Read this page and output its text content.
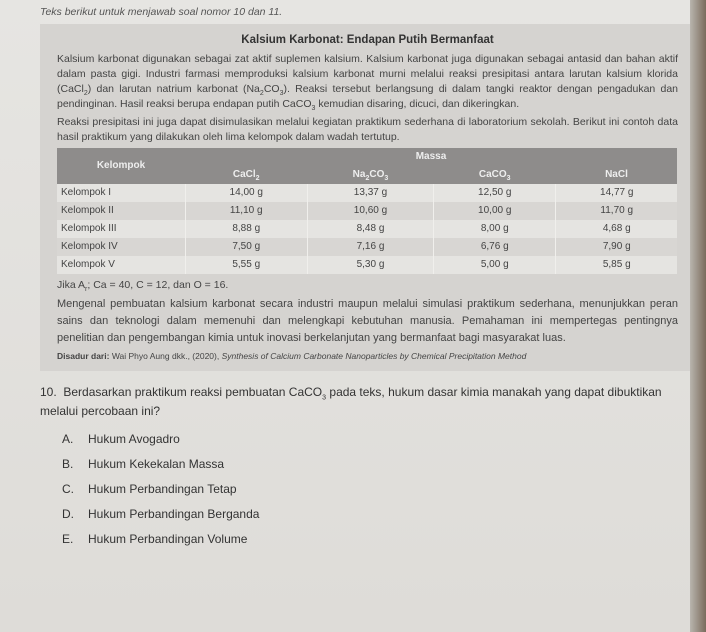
Teks berikut untuk menjawab soal nomor 10 dan 11.
Kalsium Karbonat: Endapan Putih Bermanfaat
Kalsium karbonat digunakan sebagai zat aktif suplemen kalsium. Kalsium karbonat juga digunakan sebagai antasid dan bahan aktif dalam pasta gigi. Industri farmasi memproduksi kalsium karbonat murni melalui reaksi presipitasi antara larutan kalsium klorida (CaCl$_2$) dan larutan natrium karbonat $(Na_2CO_3)$. Reaksi tersebut berlangsung di dalam tangki reaktor dengan pengadukan dan pendinginan. Hasil reaksi berupa endapan putih CaCO$_3$ kemudian disaring, dicuci, dan dikeringkan.
Reaksi presipitasi ini juga dapat disimulasikan melalui kegiatan praktikum sederhana di laboratorium sekolah. Berikut ini contoh data hasil praktikum yang dilakukan oleh lima kelompok dalam wadah tertutup.
Kelompok	Massa			
	CaCl$_2$	$Na_2CO_3$	CaCO$_3$	NaCl
Kelompok I	14,00 g	13,37 g	12,50 g	14,77 g
Kelompok II	11,10 g	10,60 g	10,00 g	11,70 g
Kelompok III	8,88 g	8,48 g	8,00 g	4,68 g
Kelompok IV	7,50 g	7,16 g	6,76 g	7,90 g
Kelompok V	5,55 g	5,30 g	5,00 g	5,85 g
Jika $A_r$; Ca = 40, C = 12, dan O = 16.
Mengenal pembuatan kalsium karbonat secara industri maupun melalui simulasi praktikum sederhana, menunjukkan peran sains dan teknologi dalam memenuhi dan melengkapi kebutuhan manusia. Pemahaman ini mempertegas pentingnya penelitian dan pengembangan kimia untuk inovasi berkelanjutan yang bermanfaat bagi masyarakat luas.
Disadur dari: Wai Phyo Aung dkk., (2020), Synthesis of Calcium Carbonate Nanoparticles by Chemical Precipitation Method
10. Berdasarkan praktikum reaksi pembuatan CaCO$_3$ pada teks, hukum dasar kimia manakah yang dapat dibuktikan melalui percobaan ini?
A.	Hukum Avogadro
B.	Hukum Kekekalan Massa
C.	Hukum Perbandingan Tetap
D.	Hukum Perbandingan Berganda
E.	Hukum Perbandingan Volume
